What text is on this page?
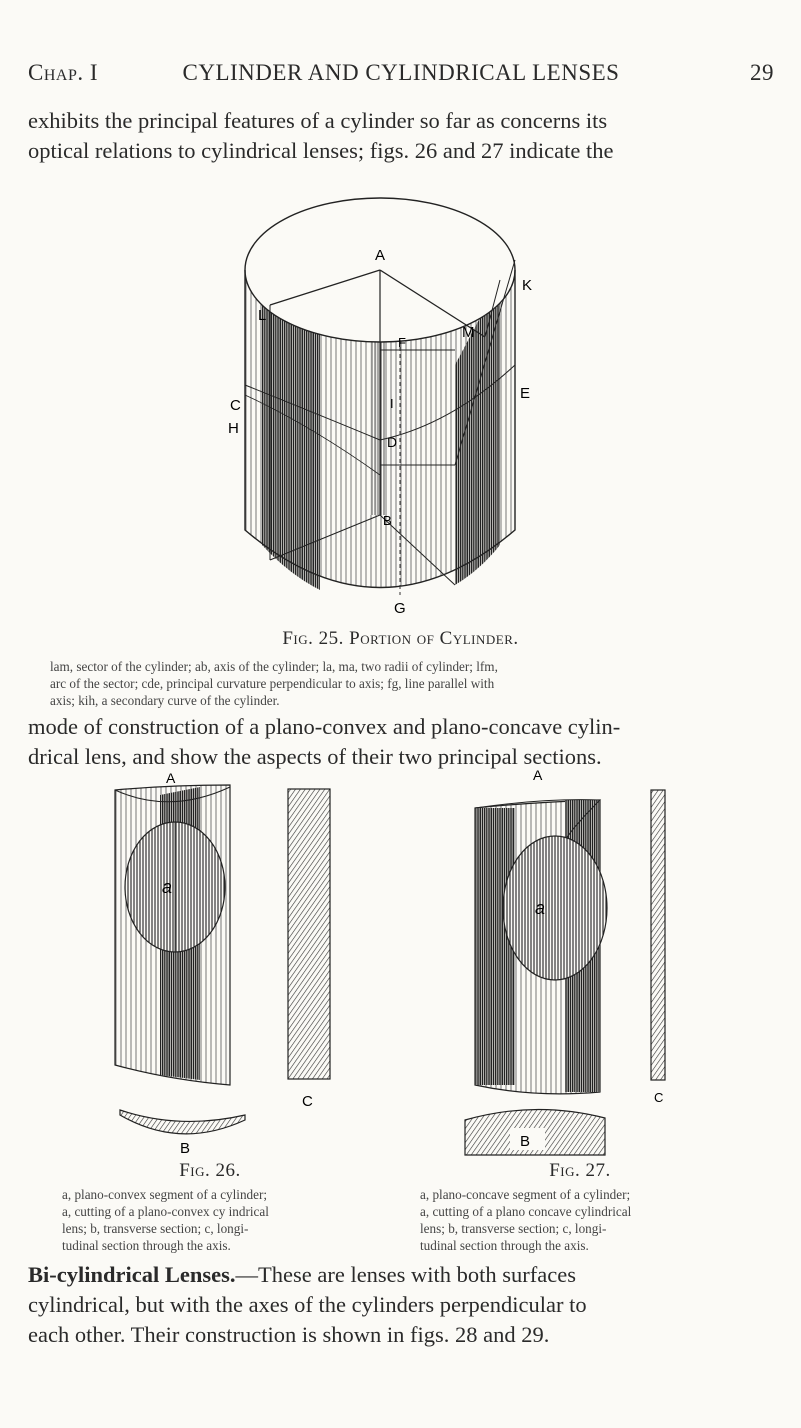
Chap. I	CYLINDER AND CYLINDRICAL LENSES	29
exhibits the principal features of a cylinder so far as concerns its
optical relations to cylindrical lenses; figs. 26 and 27 indicate the
A
K
L
M
F
C
H
I
E
D
B
G
Fig. 25. Portion of Cylinder.
lam, sector of the cylinder; ab, axis of the cylinder; la, ma, two radii of cylinder; lfm,
arc of the sector; cde, principal curvature perpendicular to axis; fg, line parallel with
axis; kih, a secondary curve of the cylinder.
mode of construction of a plano-convex and plano-concave cylin-
drical lens, and show the aspects of their two principal sections.
A
a
C
B
Fig. 26.
a, plano-convex segment of a cylinder;
a, cutting of a plano-convex cy indrical
lens; b, transverse section; c, longi-
tudinal section through the axis.
A
a
C
B
Fig. 27.
a, plano-concave segment of a cylinder;
a, cutting of a plano concave cylindrical
lens; b, transverse section; c, longi-
tudinal section through the axis.
Bi-cylindrical Lenses.—These are lenses with both surfaces
cylindrical, but with the axes of the cylinders perpendicular to
each other. Their construction is shown in figs. 28 and 29.
